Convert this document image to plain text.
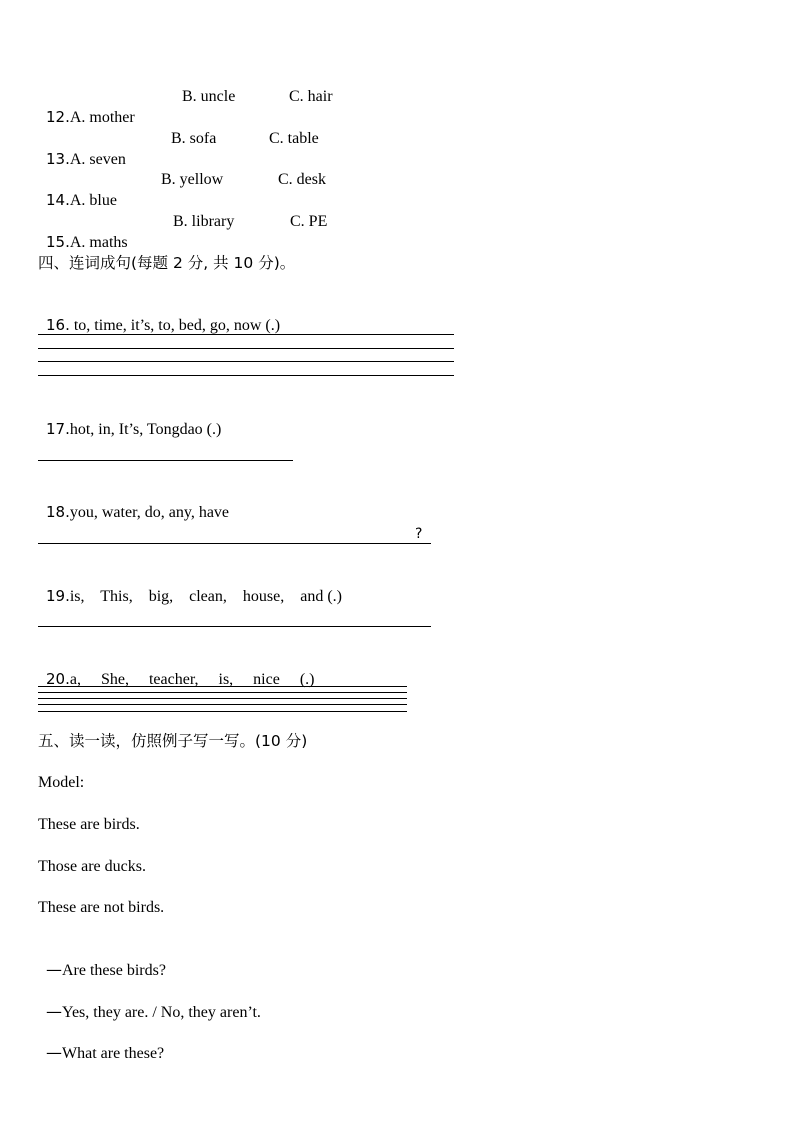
12.A. mother

B. uncle	C. hair

13.A. seven

B. sofa	C. table

14.A. blue

B. yellow	C. desk

15.A. maths

B. library	C. PE
四、连词成句(每题 2 分, 共 10 分)。

16. to, time, it’s, to, bed, go, now (.)

17.hot, in, It’s, Tongdao (.)

18.you, water, do, any, have

?

19.is,    This,    big,    clean,    house,    and (.)

20.a,     She,     teacher,     is,     nice     (.)

五、读一读，仿照例子写一写。(10 分)
Model:
These are birds.
Those are ducks.
These are not birds.

—Are these birds?

—Yes, they are. / No, they aren’t.

—What are these?
